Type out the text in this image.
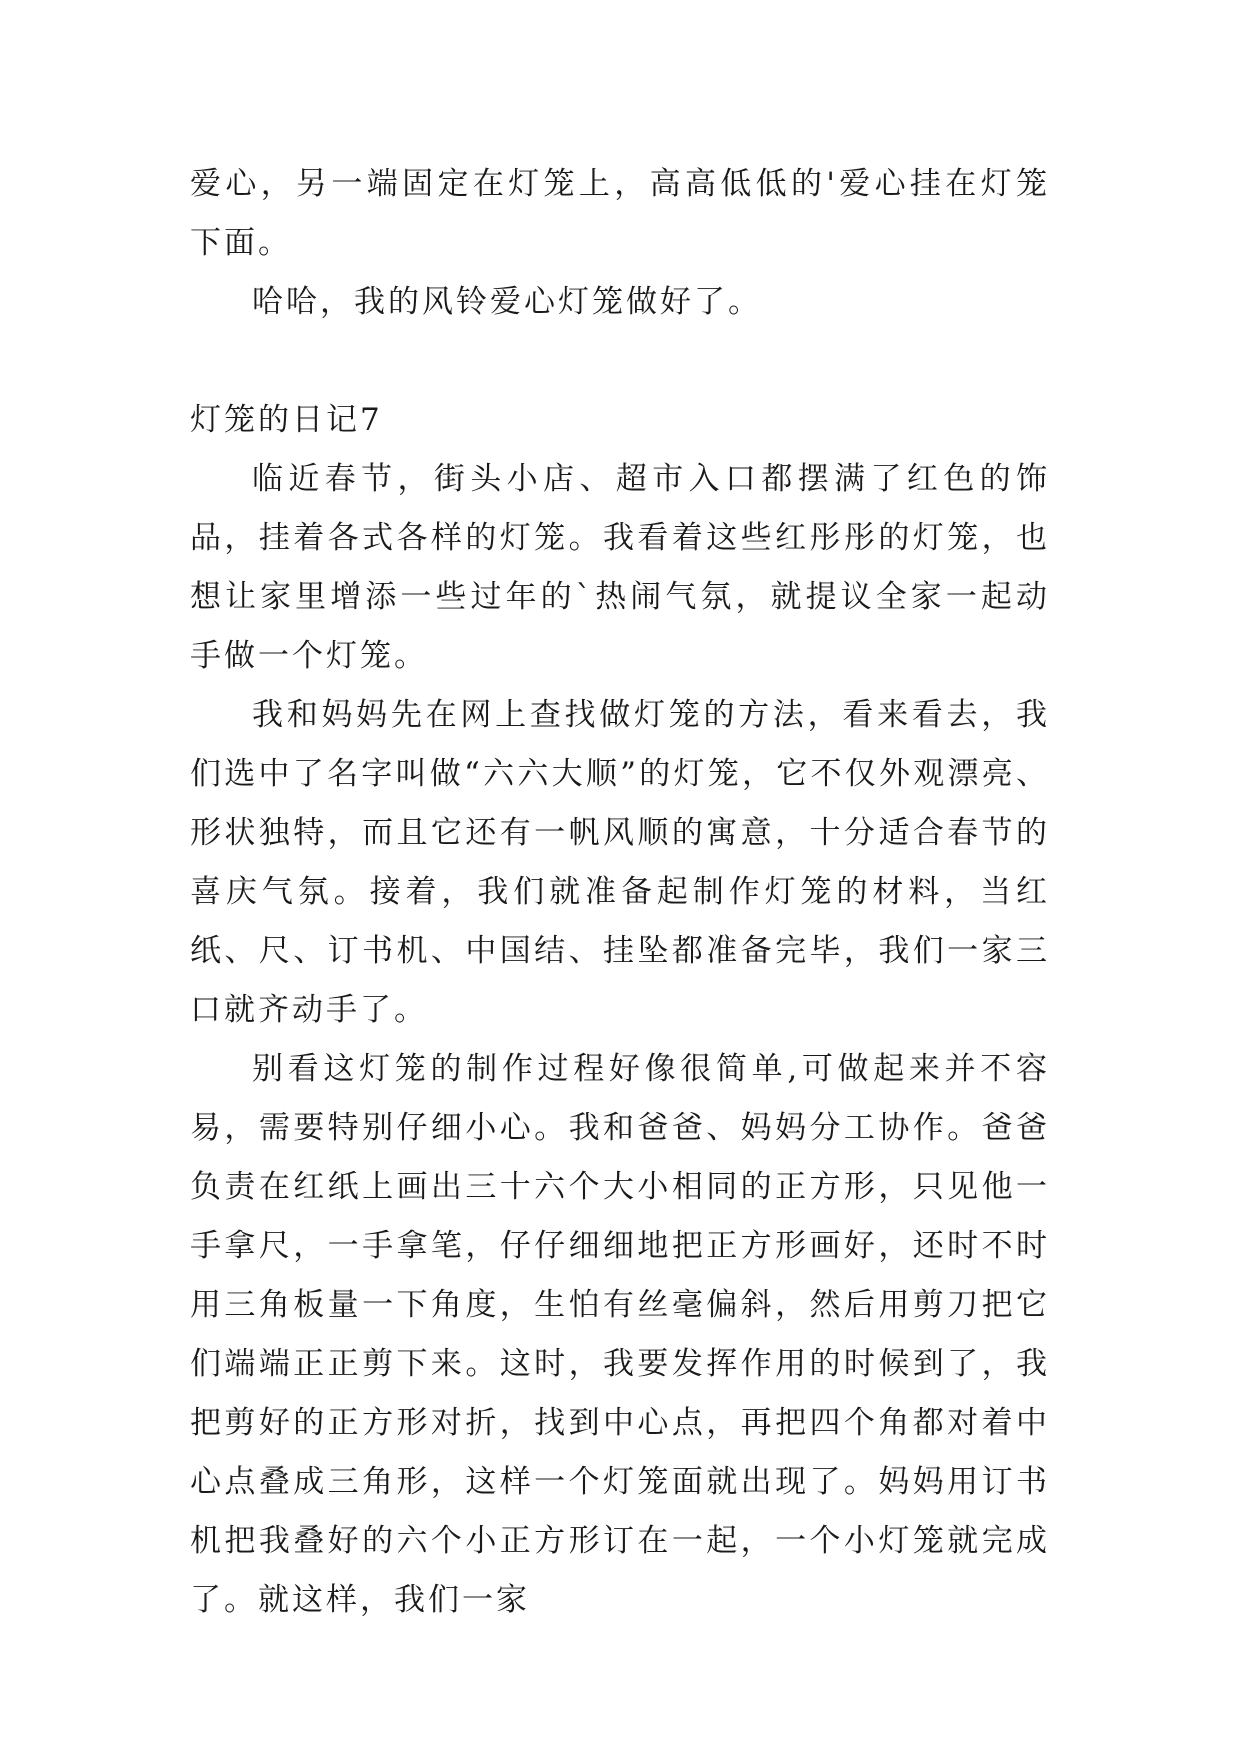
爱心，另一端固定在灯笼上，高高低低的'爱心挂在灯笼下面。

哈哈，我的风铃爱心灯笼做好了。

灯笼的日记7

临近春节，街头小店、超市入口都摆满了红色的饰品，挂着各式各样的灯笼。我看着这些红彤彤的灯笼，也想让家里增添一些过年的`热闹气氛，就提议全家一起动手做一个灯笼。

我和妈妈先在网上查找做灯笼的方法，看来看去，我们选中了名字叫做“六六大顺”的灯笼，它不仅外观漂亮、形状独特，而且它还有一帆风顺的寓意，十分适合春节的喜庆气氛。接着，我们就准备起制作灯笼的材料，当红纸、尺、订书机、中国结、挂坠都准备完毕，我们一家三口就齐动手了。

别看这灯笼的制作过程好像很简单,可做起来并不容易，需要特别仔细小心。我和爸爸、妈妈分工协作。爸爸负责在红纸上画出三十六个大小相同的正方形，只见他一手拿尺，一手拿笔，仔仔细细地把正方形画好，还时不时用三角板量一下角度，生怕有丝毫偏斜，然后用剪刀把它们端端正正剪下来。这时，我要发挥作用的时候到了，我把剪好的正方形对折，找到中心点，再把四个角都对着中心点叠成三角形，这样一个灯笼面就出现了。妈妈用订书机把我叠好的六个小正方形订在一起，一个小灯笼就完成了。就这样，我们一家
